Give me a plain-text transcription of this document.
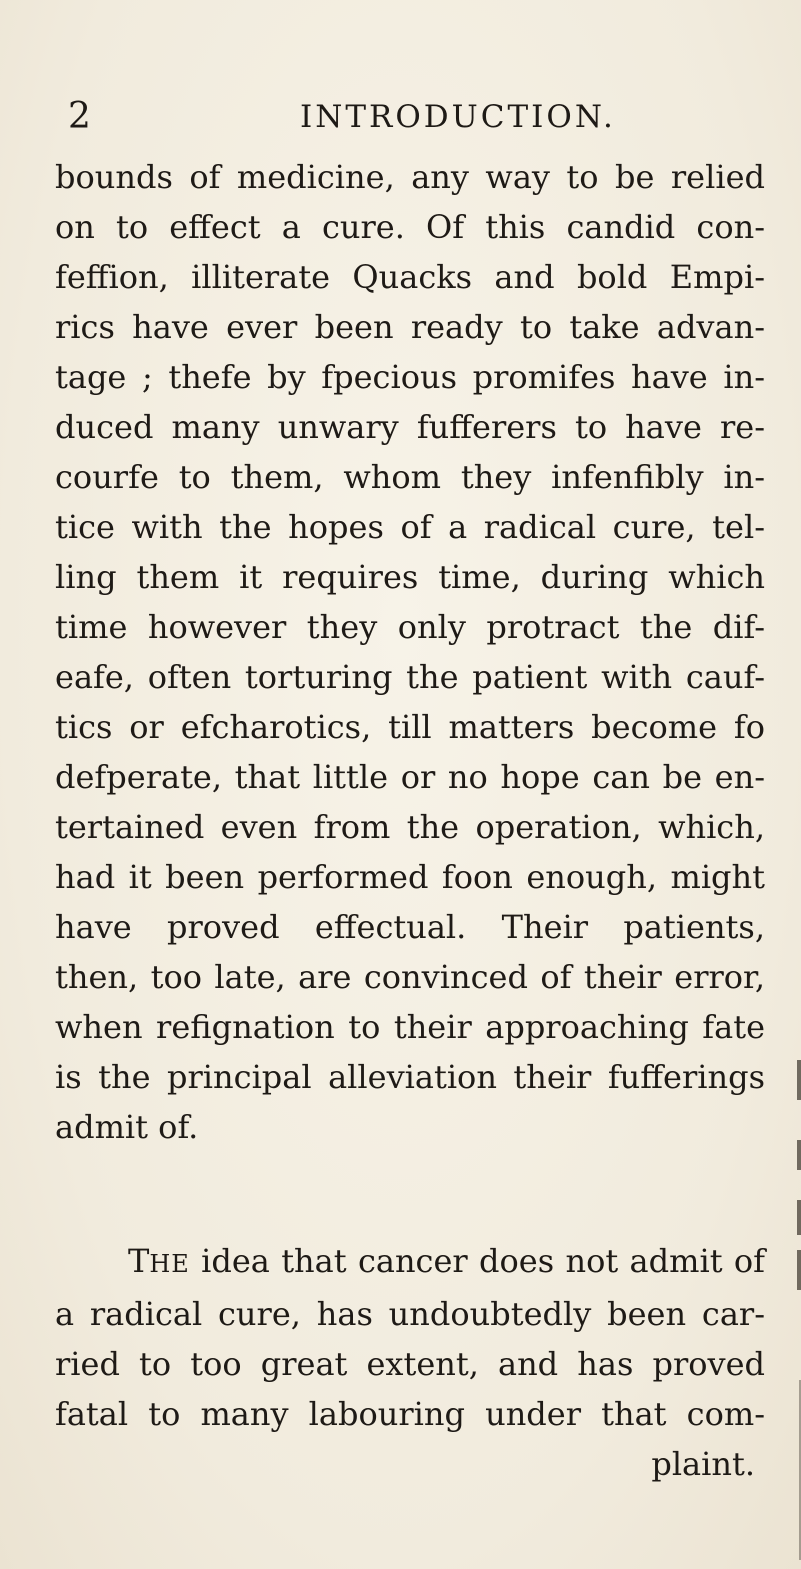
2	INTRODUCTION.
bounds of medicine, any way to be relied
on to effect a cure. Of this candid con-
feffion, illiterate Quacks and bold Empi-
rics have ever been ready to take advan-
tage ; thefe by fpecious promifes have in-
duced many unwary fufferers to have re-
courfe to them, whom they infenfibly in-
tice with the hopes of a radical cure, tel-
ling them it requires time, during which
time however they only protract the dif-
eafe, often torturing the patient with cauf-
tics or efcharotics, till matters become fo
defperate, that little or no hope can be en-
tertained even from the operation, which,
had it been performed foon enough, might
have proved effectual. Their patients,
then, too late, are convinced of their error,
when refignation to their approaching fate
is the principal alleviation their fufferings
admit of.
THE idea that cancer does not admit of
a radical cure, has undoubtedly been car-
ried to too great extent, and has proved
fatal to many labouring under that com-
plaint.
